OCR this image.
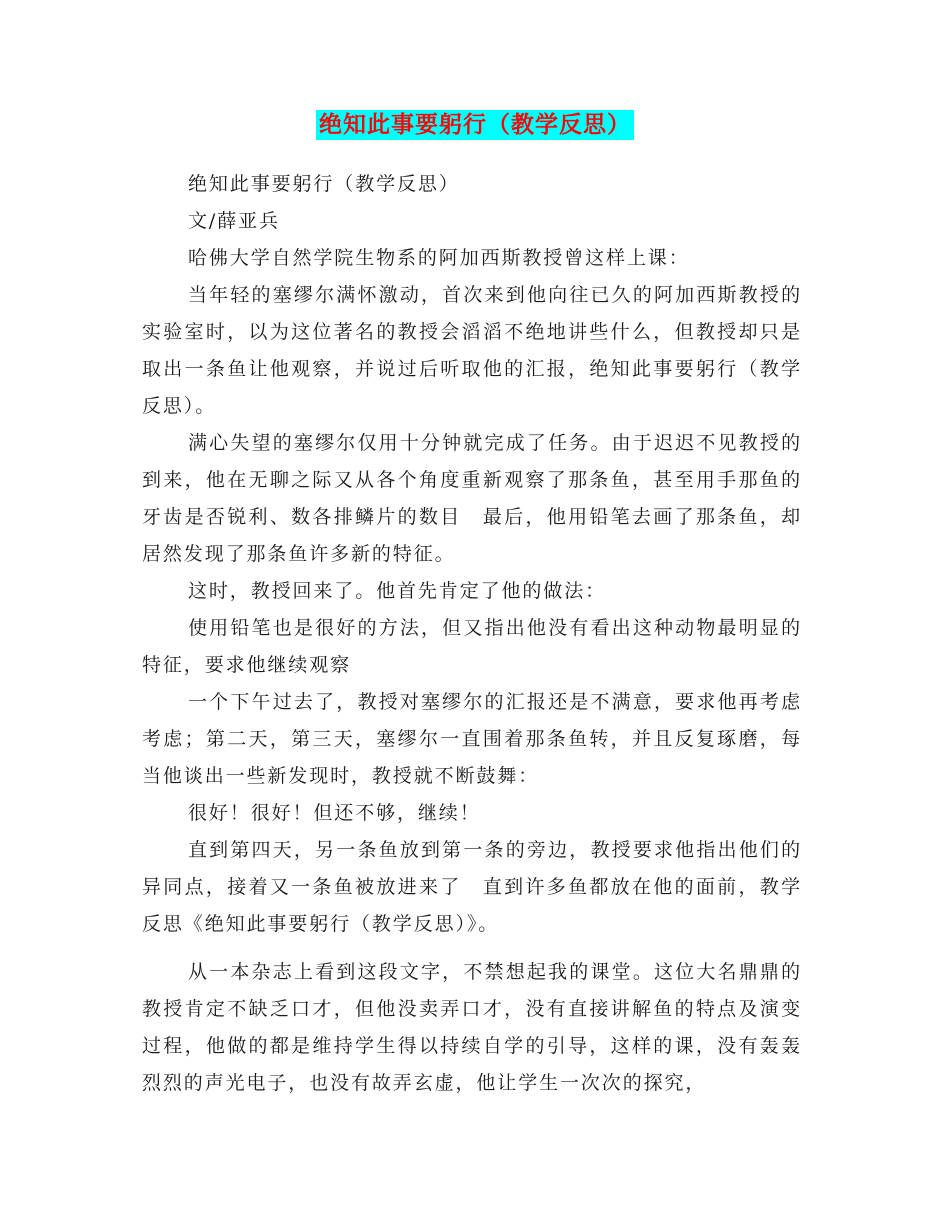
绝知此事要躬行（教学反思）

绝知此事要躬行（教学反思）

文/薛亚兵

哈佛大学自然学院生物系的阿加西斯教授曾这样上课：

当年轻的塞缪尔满怀激动，首次来到他向往已久的阿加西斯教授的实验室时，以为这位著名的教授会滔滔不绝地讲些什么，但教授却只是取出一条鱼让他观察，并说过后听取他的汇报，绝知此事要躬行（教学反思）。

满心失望的塞缪尔仅用十分钟就完成了任务。由于迟迟不见教授的到来，他在无聊之际又从各个角度重新观察了那条鱼，甚至用手那鱼的牙齿是否锐利、数各排鳞片的数目　最后，他用铅笔去画了那条鱼，却居然发现了那条鱼许多新的特征。

这时，教授回来了。他首先肯定了他的做法：

使用铅笔也是很好的方法，但又指出他没有看出这种动物最明显的特征，要求他继续观察

一个下午过去了，教授对塞缪尔的汇报还是不满意，要求他再考虑考虑；第二天，第三天，塞缪尔一直围着那条鱼转，并且反复琢磨，每当他谈出一些新发现时，教授就不断鼓舞：

很好！很好！但还不够，继续！

直到第四天，另一条鱼放到第一条的旁边，教授要求他指出他们的异同点，接着又一条鱼被放进来了　直到许多鱼都放在他的面前，教学反思《绝知此事要躬行（教学反思）》。

从一本杂志上看到这段文字，不禁想起我的课堂。这位大名鼎鼎的教授肯定不缺乏口才，但他没卖弄口才，没有直接讲解鱼的特点及演变过程，他做的都是维持学生得以持续自学的引导，这样的课，没有轰轰烈烈的声光电子，也没有故弄玄虚，他让学生一次次的探究，
